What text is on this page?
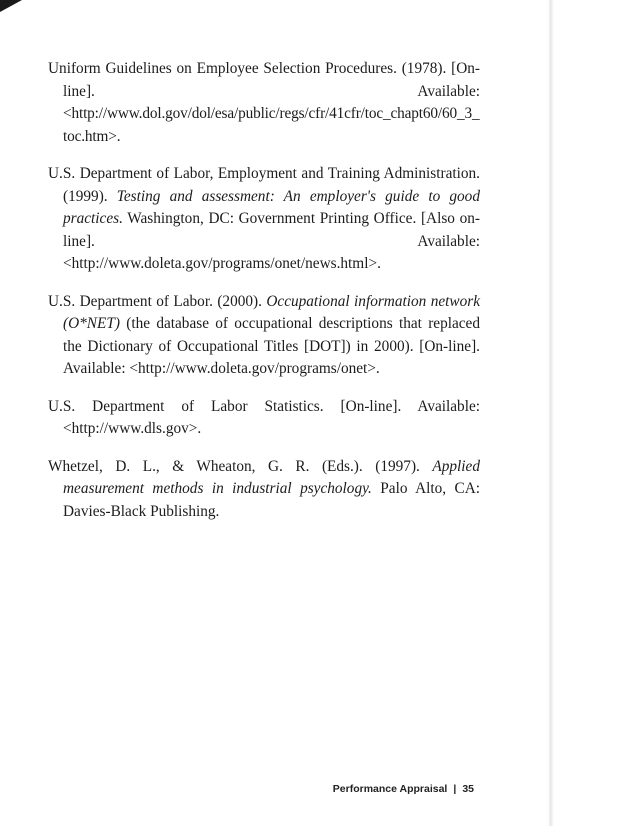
Uniform Guidelines on Employee Selection Procedures. (1978). [On-line]. Available: <http://www.dol.gov/dol/esa/public/regs/cfr/41cfr/toc_chapt60/60_3_toc.htm>.

U.S. Department of Labor, Employment and Training Administration. (1999). Testing and assessment: An employer's guide to good practices. Washington, DC: Government Printing Office. [Also on-line]. Available: <http://www.doleta.gov/programs/onet/news.html>.

U.S. Department of Labor. (2000). Occupational information network (O*NET) (the database of occupational descriptions that replaced the Dictionary of Occupational Titles [DOT]) in 2000). [On-line]. Available: <http://www.doleta.gov/programs/onet>.

U.S. Department of Labor Statistics. [On-line]. Available: <http://www.dls.gov>.

Whetzel, D. L., & Wheaton, G. R. (Eds.). (1997). Applied measurement methods in industrial psychology. Palo Alto, CA: Davies-Black Publishing.

Performance Appraisal | 35
